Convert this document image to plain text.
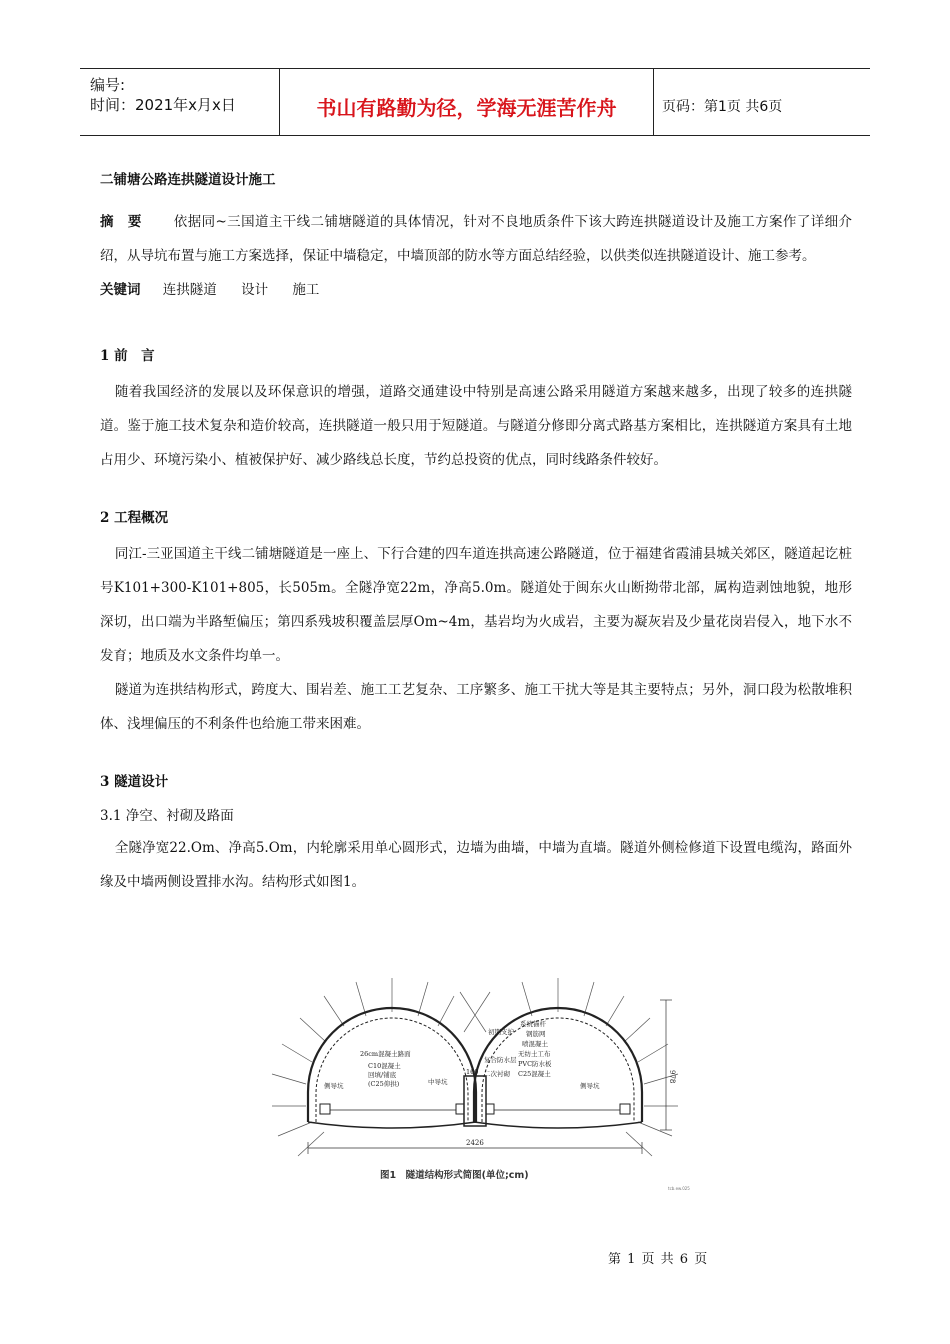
编号:
时间：2021年x月x日	书山有路勤为径，学海无涯苦作舟	页码：第1页 共6页
二铺塘公路连拱隧道设计施工

摘要 依据同~三国道主干线二铺塘隧道的具体情况，针对不良地质条件下该大跨连拱隧道设计及施工方案作了详细介绍，从导坑布置与施工方案选择，保证中墙稳定，中墙顶部的防水等方面总结经验，以供类似连拱隧道设计、施工参考。

关键词 连拱隧道 设计 施工

1 前　言

随着我国经济的发展以及环保意识的增强，道路交通建设中特别是高速公路采用隧道方案越来越多，出现了较多的连拱隧道。鉴于施工技术复杂和造价较高，连拱隧道一般只用于短隧道。与隧道分修即分离式路基方案相比，连拱隧道方案具有土地占用少、环境污染小、植被保护好、减少路线总长度，节约总投资的优点，同时线路条件较好。

2 工程概况

同江-三亚国道主干线二铺塘隧道是一座上、下行合建的四车道连拱高速公路隧道，位于福建省霞浦县城关郊区，隧道起讫桩号K101+300-K101+805，长505m。全隧净宽22m，净高5.0m。隧道处于闽东火山断拗带北部，属构造剥蚀地貌，地形深切，出口端为半路堑偏压；第四系残坡积覆盖层厚Om~4m，基岩均为火成岩，主要为凝灰岩及少量花岗岩侵入，地下水不发育；地质及水文条件均单一。

隧道为连拱结构形式，跨度大、围岩差、施工工艺复杂、工序繁多、施工干扰大等是其主要特点；另外，洞口段为松散堆积体、浅埋偏压的不利条件也给施工带来困难。

3 隧道设计
3.1 净空、衬砌及路面

全隧净宽22.Om、净高5.Om，内轮廓采用单心圆形式，边墙为曲墙，中墙为直墙。隧道外侧检修道下设置电缆沟，路面外缘及中墙两侧设置排水沟。结构形式如图1。

26cm混凝土路面
C10混凝土
回填/铺底
(C25仰拱)
系统锚杆
钢筋网
喷混凝土
无纺土工布
PVC防水板
C25混凝土
初期支护
复合防水层
二次衬砌
侧导坑	中导坑
160
侧导坑
2426
978
图1　隧道结构形式简图(单位;cm)
tcb.ew.025
第 1 页 共 6 页
